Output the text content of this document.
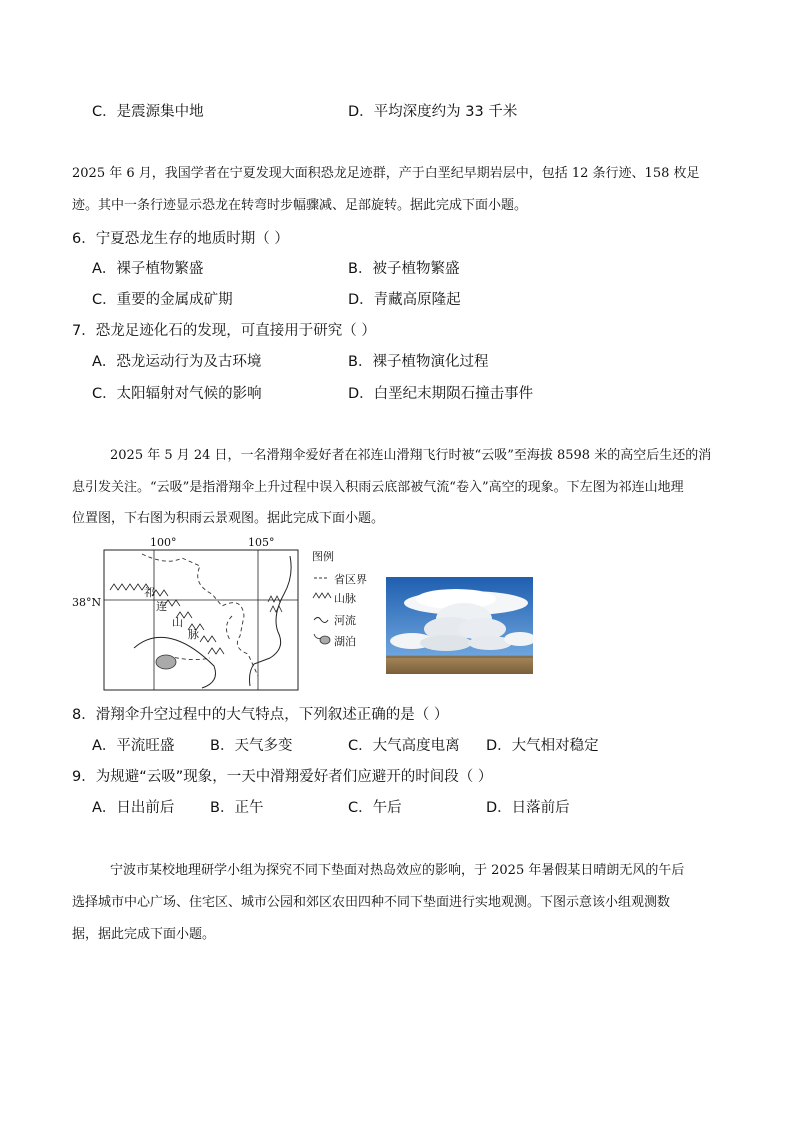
C．是震源集中地	D．平均深度约为 33 千米
2025 年 6 月，我国学者在宁夏发现大面积恐龙足迹群，产于白垩纪早期岩层中，包括 12 条行迹、158 枚足
迹。其中一条行迹显示恐龙在转弯时步幅骤减、足部旋转。据此完成下面小题。
6．宁夏恐龙生存的地质时期（ ）
A．裸子植物繁盛	B．被子植物繁盛
C．重要的金属成矿期	D．青藏高原隆起
7．恐龙足迹化石的发现，可直接用于研究（ ）
A．恐龙运动行为及古环境	B．裸子植物演化过程
C．太阳辐射对气候的影响	D．白垩纪末期陨石撞击事件
2025 年 5 月 24 日，一名滑翔伞爱好者在祁连山滑翔飞行时被“云吸”至海拔 8598 米的高空后生还的消
息引发关注。“云吸”是指滑翔伞上升过程中误入积雨云底部被气流“卷入”高空的现象。下左图为祁连山地理
位置图，下右图为积雨云景观图。据此完成下面小题。
100°	105°
38°N
祁
连
山
脉
图例
省区界
山脉
河流
湖泊
8．滑翔伞升空过程中的大气特点，下列叙述正确的是（ ）
A．平流旺盛 B．天气多变	C．大气高度电离 D．大气相对稳定
9．为规避“云吸”现象，一天中滑翔爱好者们应避开的时间段（ ）
A．日出前后 B．正午	C．午后	D．日落前后
宁波市某校地理研学小组为探究不同下垫面对热岛效应的影响，于 2025 年暑假某日晴朗无风的午后
选择城市中心广场、住宅区、城市公园和郊区农田四种不同下垫面进行实地观测。下图示意该小组观测数
据，据此完成下面小题。
